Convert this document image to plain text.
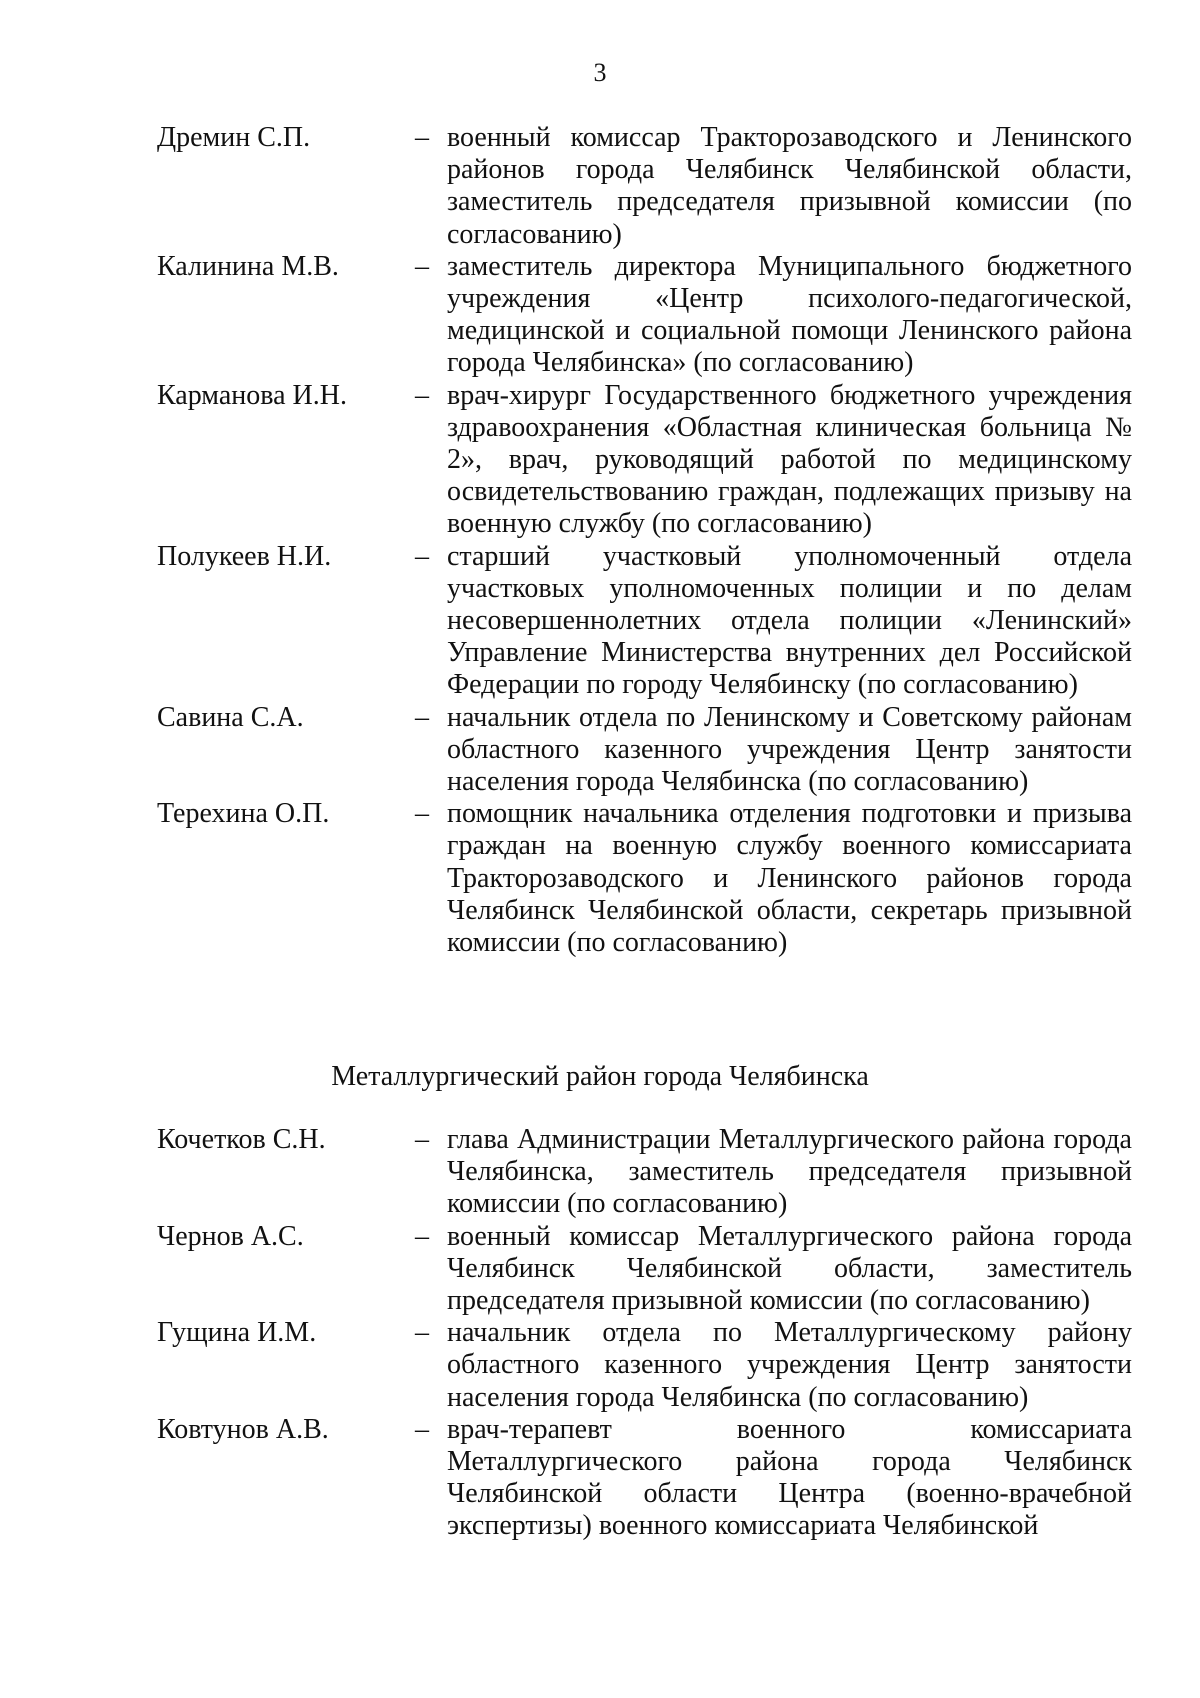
3
Дремин С.П.	– военный комиссар Тракторозаводского и Ленинского районов города Челябинск Челябинской области, заместитель председателя призывной комиссии (по согласованию)
Калинина М.В.	– заместитель директора Муниципального бюджетного учреждения «Центр психолого-педагогической, медицинской и социальной помощи Ленинского района города Челябинска» (по согласованию)
Карманова И.Н. – врач-хирург Государственного бюджетного учреждения здравоохранения «Областная клиническая больница № 2», врач, руководящий работой по медицинскому освидетельствованию граждан, подлежащих призыву на военную службу (по согласованию)
Полукеев Н.И.	– старший участковый уполномоченный отдела участковых уполномоченных полиции и по делам несовершеннолетних отдела полиции «Ленинский» Управление Министерства внутренних дел Российской Федерации по городу Челябинску (по согласованию)
Савина С.А.	– начальник отдела по Ленинскому и Советскому районам областного казенного учреждения Центр занятости населения города Челябинска (по согласованию)
Терехина О.П.	– помощник начальника отделения подготовки и призыва граждан на военную службу военного комиссариата Тракторозаводского и Ленинского районов города Челябинск Челябинской области, секретарь призывной комиссии (по согласованию)
Металлургический район города Челябинска
Кочетков С.Н.	– глава Администрации Металлургического района города Челябинска, заместитель председателя призывной комиссии (по согласованию)
Чернов А.С.	– военный комиссар Металлургического района города Челябинск Челябинской области, заместитель председателя призывной комиссии (по согласованию)
Гущина И.М.	– начальник отдела по Металлургическому району областного казенного учреждения Центр занятости населения города Челябинска (по согласованию)
Ковтунов А.В.	– врач-терапевт военного комиссариата Металлургического района города Челябинск Челябинской области Центра (военно-врачебной экспертизы) военного комиссариата Челябинской
